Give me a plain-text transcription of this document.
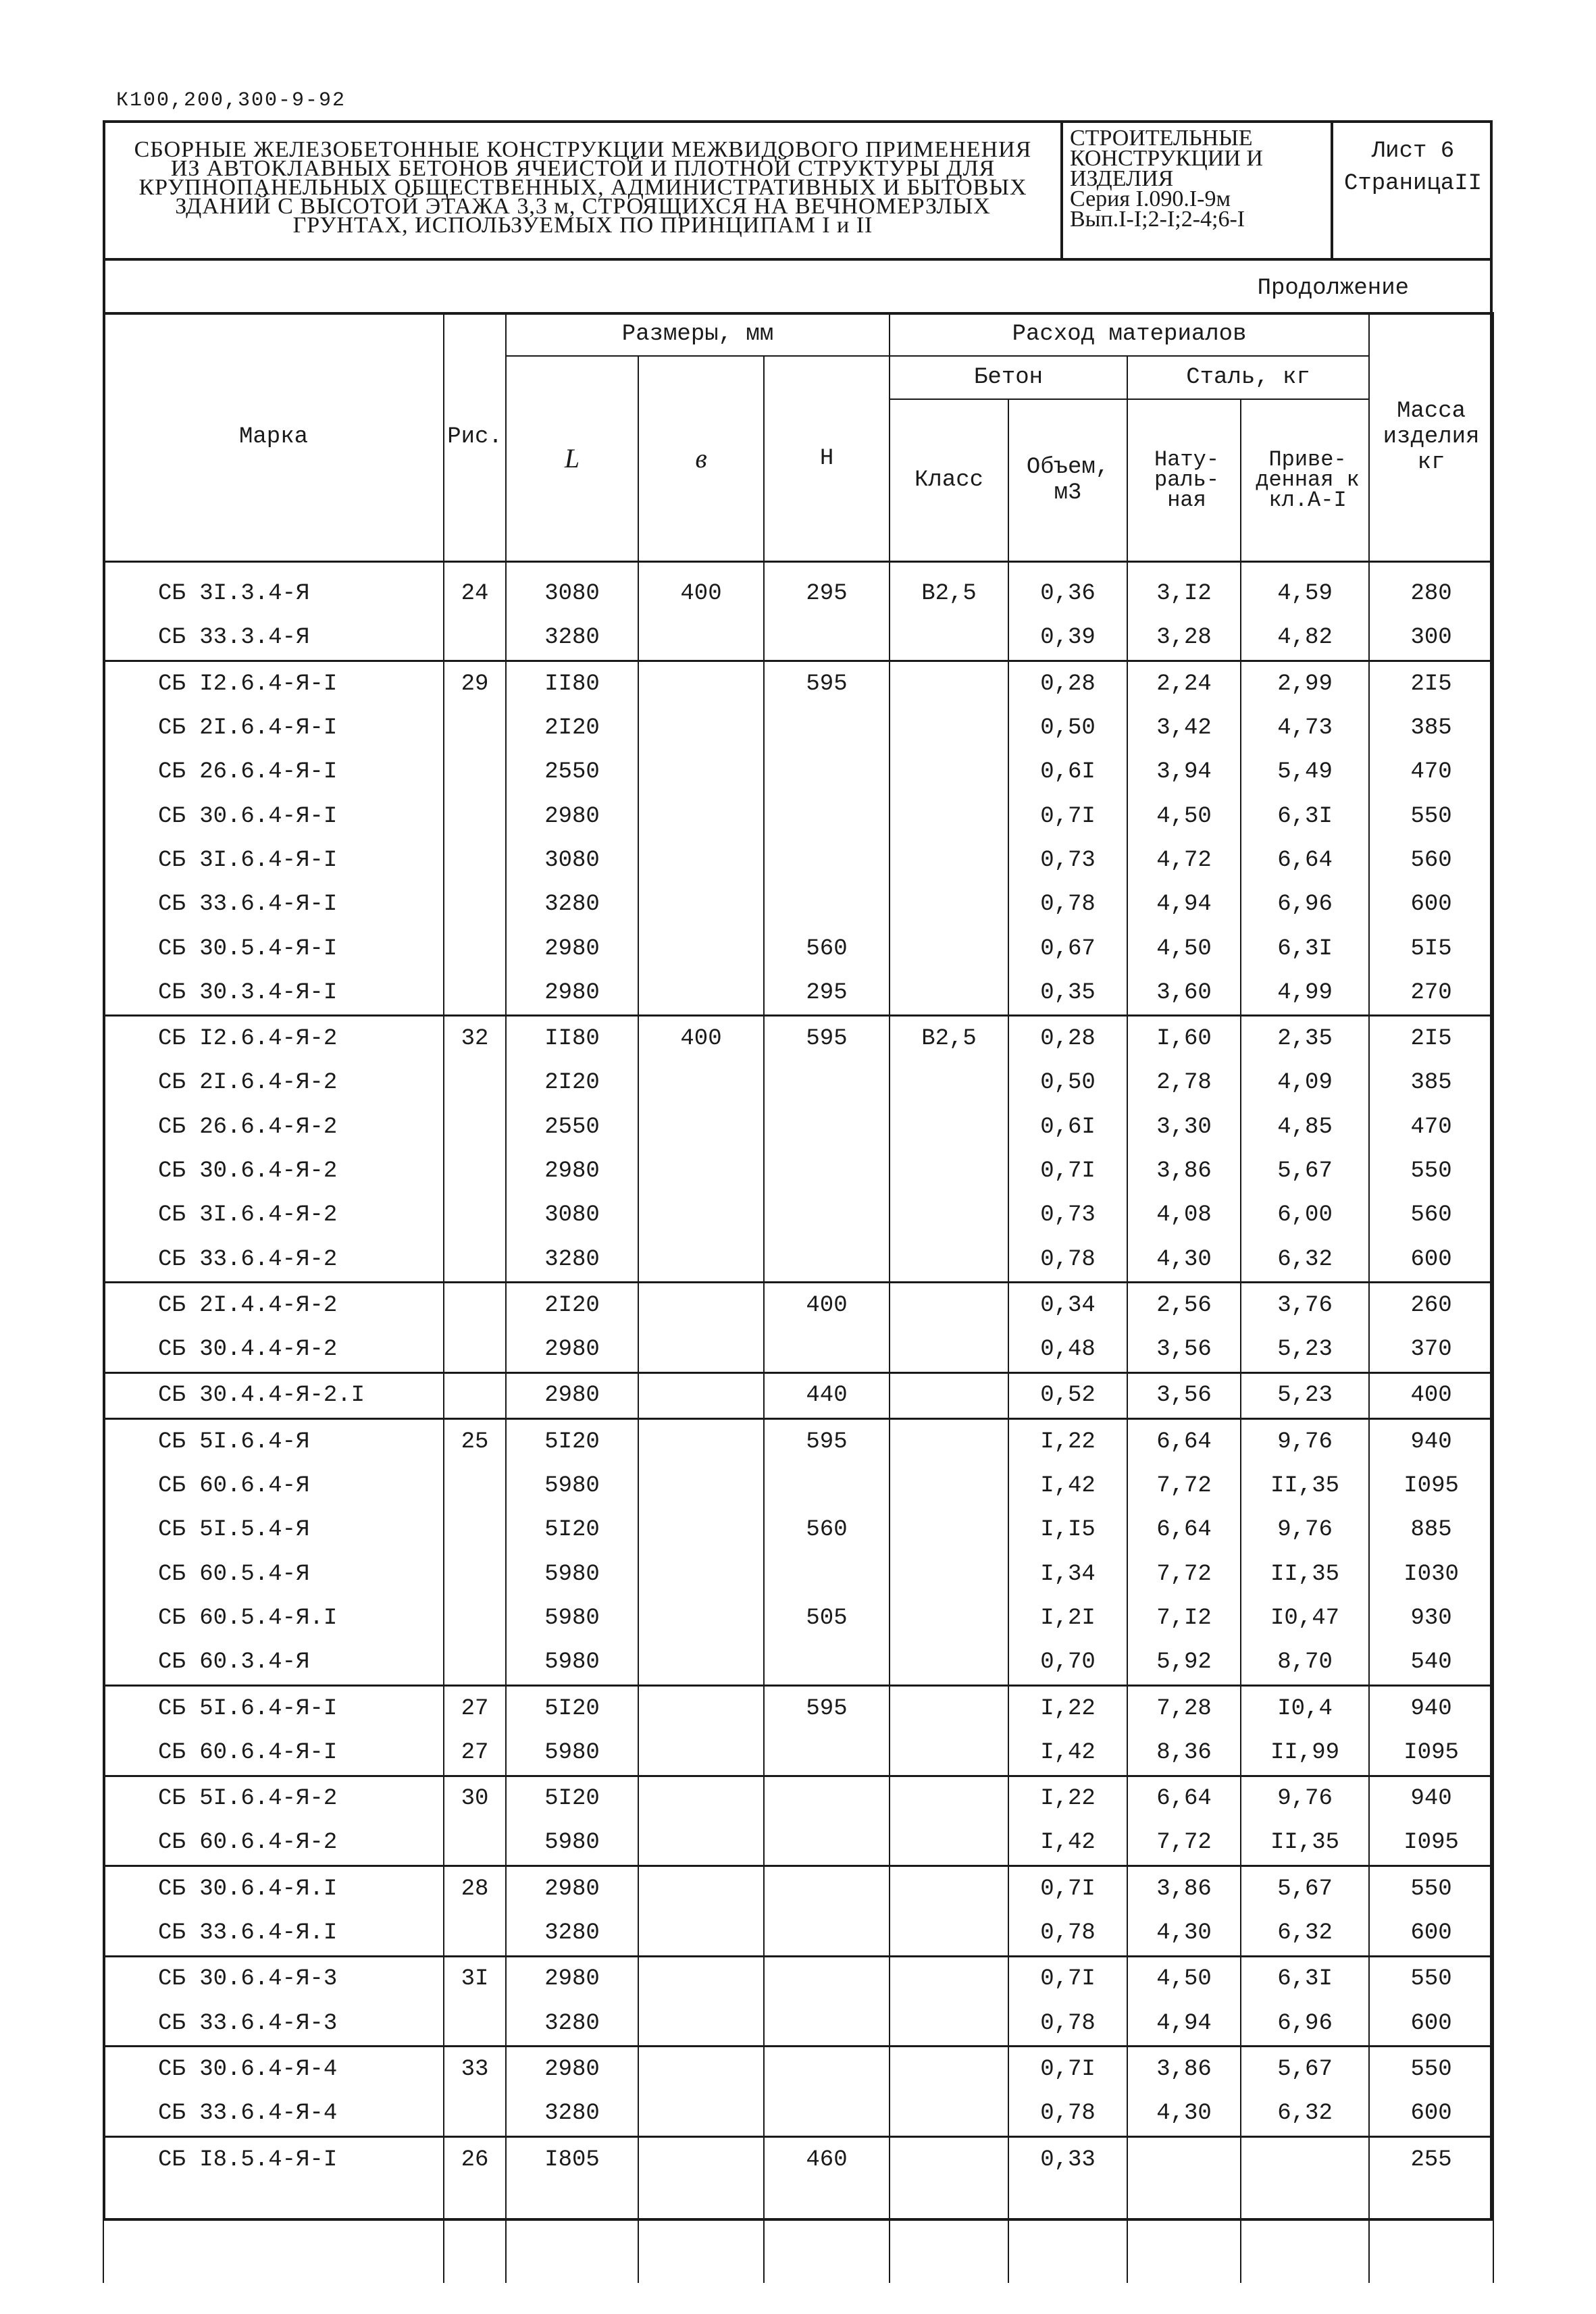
К100,200,300-9-92
СБОРНЫЕ ЖЕЛЕЗОБЕТОННЫЕ КОНСТРУКЦИИ МЕЖВИДОВОГО ПРИМЕНЕНИЯ
ИЗ АВТОКЛАВНЫХ БЕТОНОВ ЯЧЕИСТОЙ И ПЛОТНОЙ СТРУКТУРЫ ДЛЯ
КРУПНОПАНЕЛЬНЫХ ОБЩЕСТВЕННЫХ, АДМИНИСТРАТИВНЫХ И БЫТОВЫХ
ЗДАНИЙ С ВЫСОТОЙ ЭТАЖА 3,3 м, СТРОЯЩИХСЯ НА ВЕЧНОМЕРЗЛЫХ
ГРУНТАХ, ИСПОЛЬЗУЕМЫХ ПО ПРИНЦИПАМ I и II
СТРОИТЕЛЬНЫЕ
КОНСТРУКЦИИ И
ИЗДЕЛИЯ
Серия I.090.I-9м
Вып.I-I;2-I;2-4;6-I
Лист 6
СтраницаII
Продолжение
Марка	Рис.	Размеры, мм			Расход материалов				Масса изделия кг
		L	в	Н	Бетон		Сталь, кг		
					Класс	Объем, м3	Нату- раль- ная	Приве- денная к кл.А-I	
СБ 3I.3.4-Я	24	3080	400	295	В2,5	0,36	3,I2	4,59	280
СБ 33.3.4-Я		3280				0,39	3,28	4,82	300
СБ I2.6.4-Я-I	29	II80		595		0,28	2,24	2,99	2I5
СБ 2I.6.4-Я-I		2I20				0,50	3,42	4,73	385
СБ 26.6.4-Я-I		2550				0,6I	3,94	5,49	470
СБ 30.6.4-Я-I		2980				0,7I	4,50	6,3I	550
СБ 3I.6.4-Я-I		3080				0,73	4,72	6,64	560
СБ 33.6.4-Я-I		3280				0,78	4,94	6,96	600
СБ 30.5.4-Я-I		2980		560		0,67	4,50	6,3I	5I5
СБ 30.3.4-Я-I		2980		295		0,35	3,60	4,99	270
СБ I2.6.4-Я-2	32	II80	400	595	В2,5	0,28	I,60	2,35	2I5
СБ 2I.6.4-Я-2		2I20				0,50	2,78	4,09	385
СБ 26.6.4-Я-2		2550				0,6I	3,30	4,85	470
СБ 30.6.4-Я-2		2980				0,7I	3,86	5,67	550
СБ 3I.6.4-Я-2		3080				0,73	4,08	6,00	560
СБ 33.6.4-Я-2		3280				0,78	4,30	6,32	600
СБ 2I.4.4-Я-2		2I20		400		0,34	2,56	3,76	260
СБ 30.4.4-Я-2		2980				0,48	3,56	5,23	370
СБ 30.4.4-Я-2.I		2980		440		0,52	3,56	5,23	400
СБ 5I.6.4-Я	25	5I20		595		I,22	6,64	9,76	940
СБ 60.6.4-Я		5980				I,42	7,72	II,35	I095
СБ 5I.5.4-Я		5I20		560		I,I5	6,64	9,76	885
СБ 60.5.4-Я		5980				I,34	7,72	II,35	I030
СБ 60.5.4-Я.I		5980		505		I,2I	7,I2	I0,47	930
СБ 60.3.4-Я		5980				0,70	5,92	8,70	540
СБ 5I.6.4-Я-I	27	5I20		595		I,22	7,28	I0,4	940
СБ 60.6.4-Я-I	27	5980				I,42	8,36	II,99	I095
СБ 5I.6.4-Я-2	30	5I20				I,22	6,64	9,76	940
СБ 60.6.4-Я-2		5980				I,42	7,72	II,35	I095
СБ 30.6.4-Я.I	28	2980				0,7I	3,86	5,67	550
СБ 33.6.4-Я.I		3280				0,78	4,30	6,32	600
СБ 30.6.4-Я-3	3I	2980				0,7I	4,50	6,3I	550
СБ 33.6.4-Я-3		3280				0,78	4,94	6,96	600
СБ 30.6.4-Я-4	33	2980				0,7I	3,86	5,67	550
СБ 33.6.4-Я-4		3280				0,78	4,30	6,32	600
СБ I8.5.4-Я-I	26	I805		460		0,33			255
